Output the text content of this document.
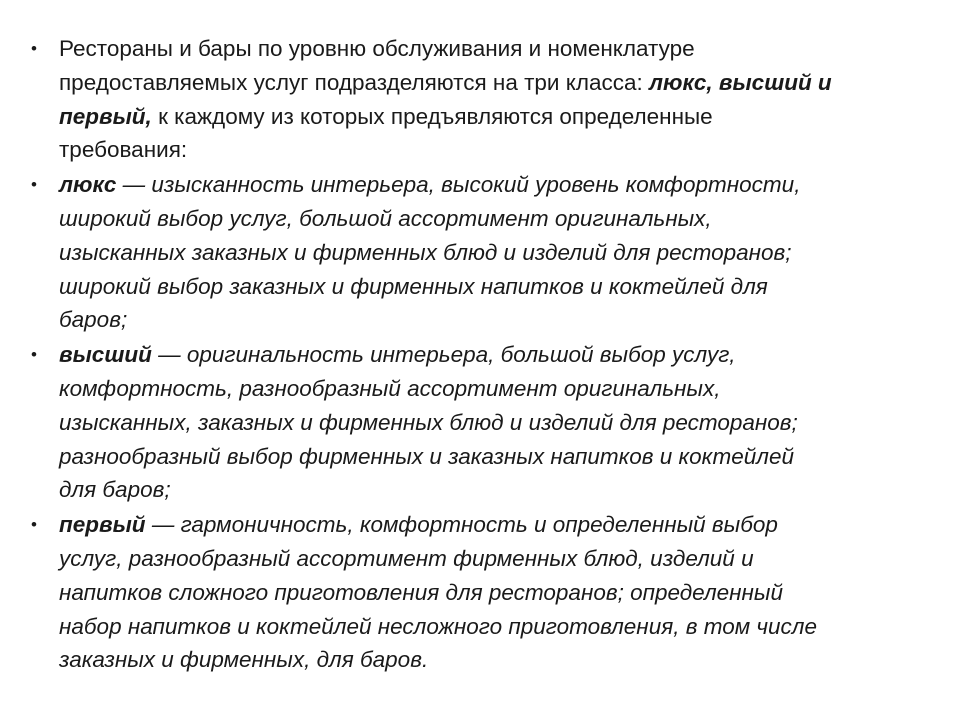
• Рестораны и бары по уровню обслуживания и номенклатуре
предоставляемых услуг подразделяются на три класса: люкс, высший и
первый, к каждому из которых предъявляются определенные
требования:
• люкс — изысканность интерьера, высокий уровень комфортности,
широкий выбор услуг, большой ассортимент оригинальных,
изысканных заказных и фирменных блюд и изделий для ресторанов;
широкий выбор заказных и фирменных напитков и коктейлей для
баров;
• высший — оригинальность интерьера, большой выбор услуг,
комфортность, разнообразный ассортимент оригинальных,
изысканных, заказных и фирменных блюд и изделий для ресторанов;
разнообразный выбор фирменных и заказных напитков и коктейлей
для баров;
• первый — гармоничность, комфортность и определенный выбор
услуг, разнообразный ассортимент фирменных блюд, изделий и
напитков сложного приготовления для ресторанов; определенный
набор напитков и коктейлей несложного приготовления, в том числе
заказных и фирменных, для баров.
